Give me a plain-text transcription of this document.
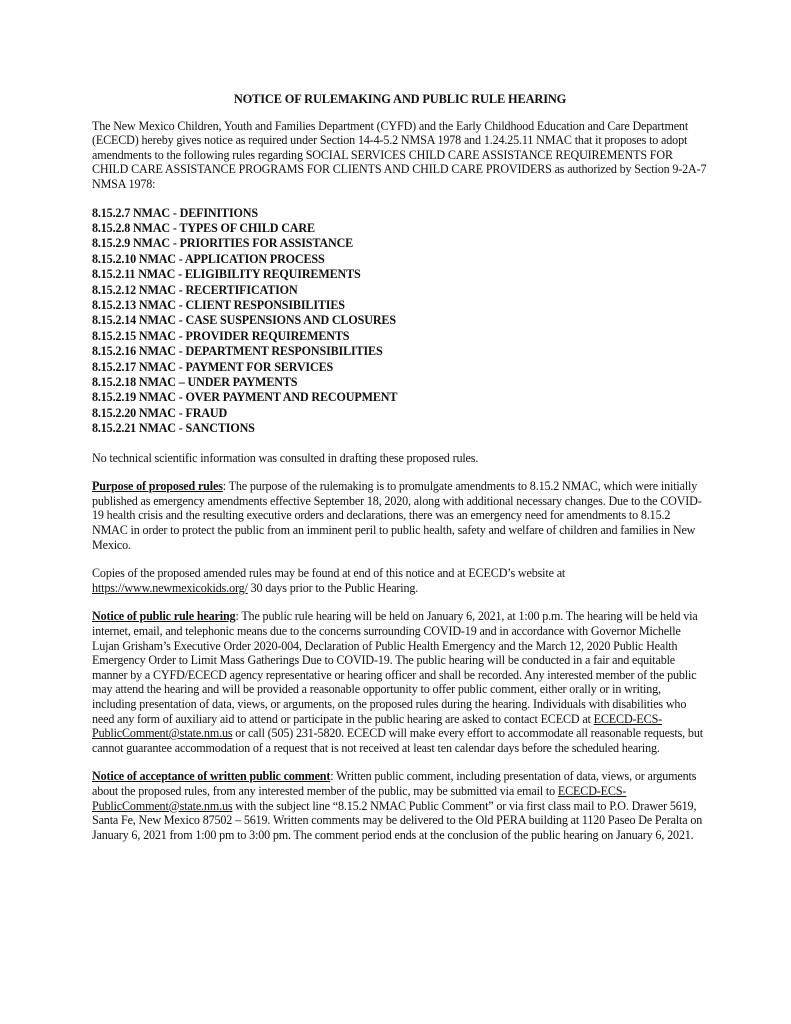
NOTICE OF RULEMAKING AND PUBLIC RULE HEARING

The New Mexico Children, Youth and Families Department (CYFD) and the Early Childhood Education and Care Department (ECECD) hereby gives notice as required under Section 14-4-5.2 NMSA 1978 and 1.24.25.11 NMAC that it proposes to adopt amendments to the following rules regarding SOCIAL SERVICES CHILD CARE ASSISTANCE REQUIREMENTS FOR CHILD CARE ASSISTANCE PROGRAMS FOR CLIENTS AND CHILD CARE PROVIDERS as authorized by Section 9-2A-7 NMSA 1978:

8.15.2.7 NMAC - DEFINITIONS
8.15.2.8 NMAC - TYPES OF CHILD CARE
8.15.2.9 NMAC - PRIORITIES FOR ASSISTANCE
8.15.2.10 NMAC - APPLICATION PROCESS
8.15.2.11 NMAC - ELIGIBILITY REQUIREMENTS
8.15.2.12 NMAC - RECERTIFICATION
8.15.2.13 NMAC - CLIENT RESPONSIBILITIES
8.15.2.14 NMAC - CASE SUSPENSIONS AND CLOSURES
8.15.2.15 NMAC - PROVIDER REQUIREMENTS
8.15.2.16 NMAC - DEPARTMENT RESPONSIBILITIES
8.15.2.17 NMAC - PAYMENT FOR SERVICES
8.15.2.18 NMAC – UNDER PAYMENTS
8.15.2.19 NMAC - OVER PAYMENT AND RECOUPMENT
8.15.2.20 NMAC - FRAUD
8.15.2.21 NMAC - SANCTIONS

No technical scientific information was consulted in drafting these proposed rules.

Purpose of proposed rules: The purpose of the rulemaking is to promulgate amendments to 8.15.2 NMAC, which were initially published as emergency amendments effective September 18, 2020, along with additional necessary changes. Due to the COVID-19 health crisis and the resulting executive orders and declarations, there was an emergency need for amendments to 8.15.2 NMAC in order to protect the public from an imminent peril to public health, safety and welfare of children and families in New Mexico.

Copies of the proposed amended rules may be found at end of this notice and at ECECD’s website at https://www.newmexicokids.org/ 30 days prior to the Public Hearing.

Notice of public rule hearing: The public rule hearing will be held on January 6, 2021, at 1:00 p.m. The hearing will be held via internet, email, and telephonic means due to the concerns surrounding COVID-19 and in accordance with Governor Michelle Lujan Grisham’s Executive Order 2020-004, Declaration of Public Health Emergency and the March 12, 2020 Public Health Emergency Order to Limit Mass Gatherings Due to COVID-19. The public hearing will be conducted in a fair and equitable manner by a CYFD/ECECD agency representative or hearing officer and shall be recorded. Any interested member of the public may attend the hearing and will be provided a reasonable opportunity to offer public comment, either orally or in writing, including presentation of data, views, or arguments, on the proposed rules during the hearing. Individuals with disabilities who need any form of auxiliary aid to attend or participate in the public hearing are asked to contact ECECD at ECECD-ECS-PublicComment@state.nm.us or call (505) 231-5820. ECECD will make every effort to accommodate all reasonable requests, but cannot guarantee accommodation of a request that is not received at least ten calendar days before the scheduled hearing.

Notice of acceptance of written public comment: Written public comment, including presentation of data, views, or arguments about the proposed rules, from any interested member of the public, may be submitted via email to ECECD-ECS-PublicComment@state.nm.us with the subject line “8.15.2 NMAC Public Comment” or via first class mail to P.O. Drawer 5619, Santa Fe, New Mexico 87502 – 5619. Written comments may be delivered to the Old PERA building at 1120 Paseo De Peralta on January 6, 2021 from 1:00 pm to 3:00 pm. The comment period ends at the conclusion of the public hearing on January 6, 2021.
